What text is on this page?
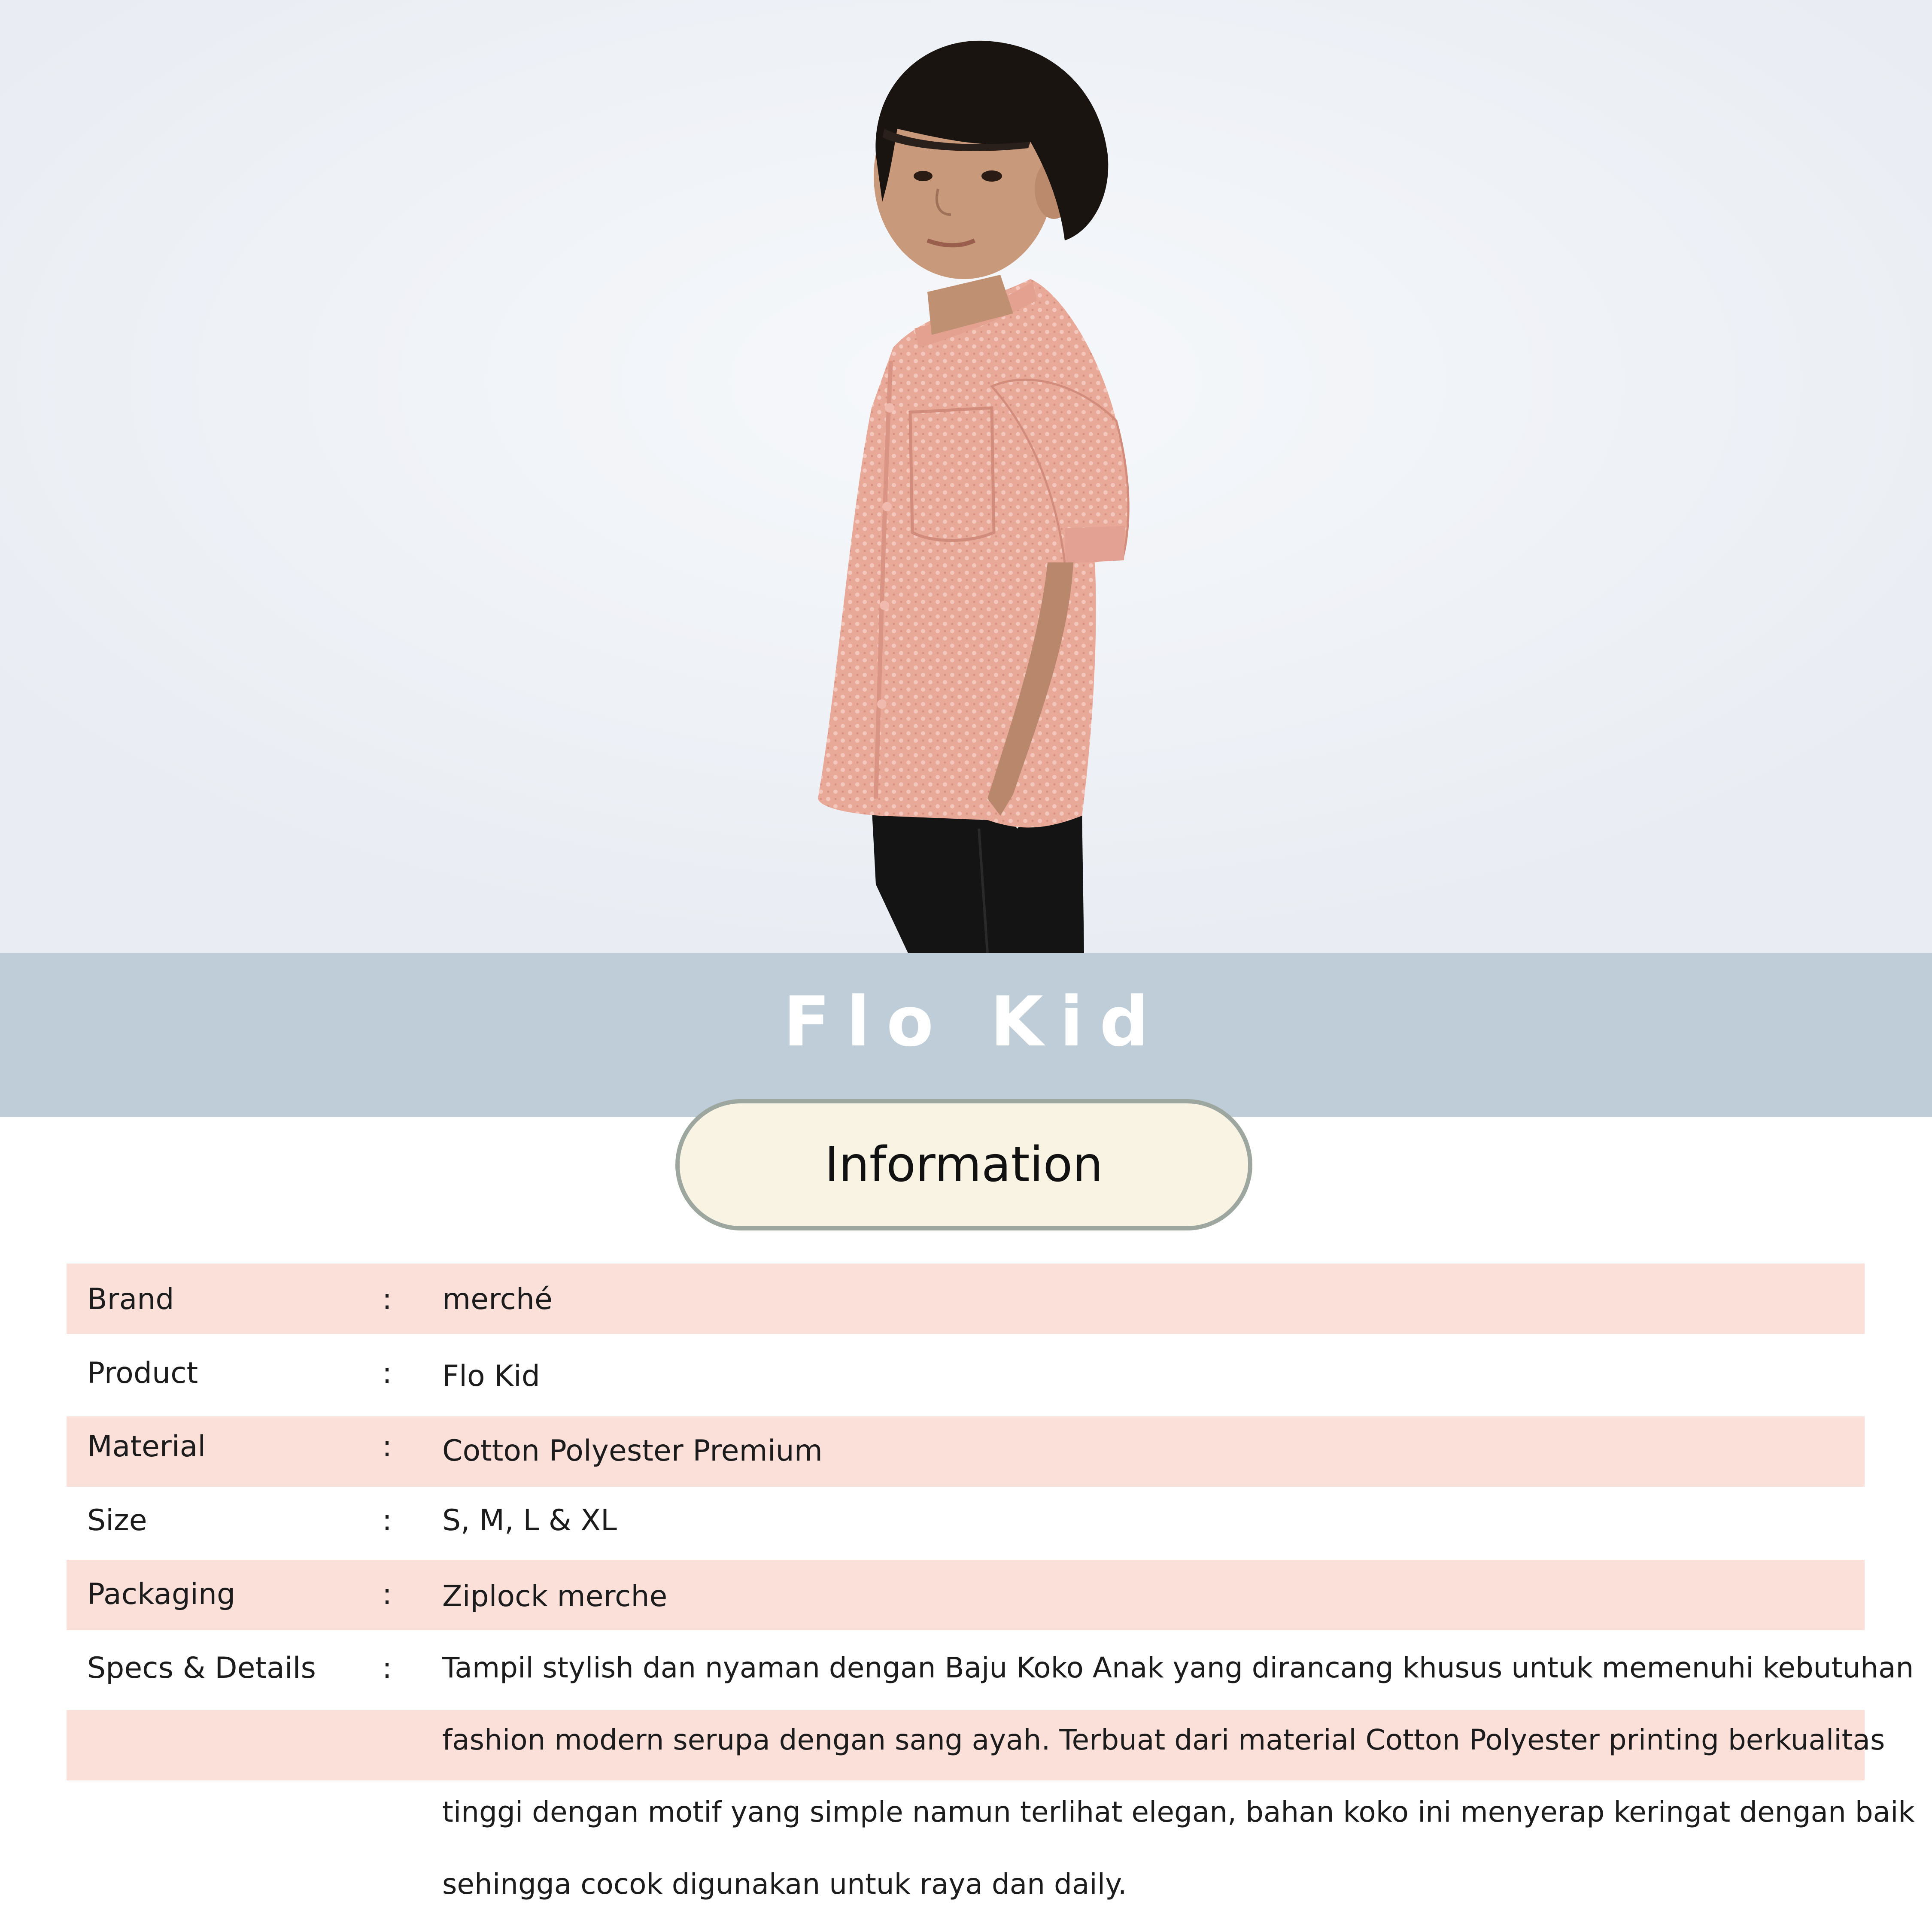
Flo Kid
Information
Brand	: merché
Product	: Flo Kid
Material	: Cotton Polyester Premium
Size	: S, M, L & XL
Packaging	: Ziplock merche
Specs & Details : Tampil stylish dan nyaman dengan Baju Koko Anak yang dirancang khusus untuk memenuhi kebutuhan
fashion modern serupa dengan sang ayah. Terbuat dari material Cotton Polyester printing berkualitas
tinggi dengan motif yang simple namun terlihat elegan, bahan koko ini menyerap keringat dengan baik
sehingga cocok digunakan untuk raya dan daily.
